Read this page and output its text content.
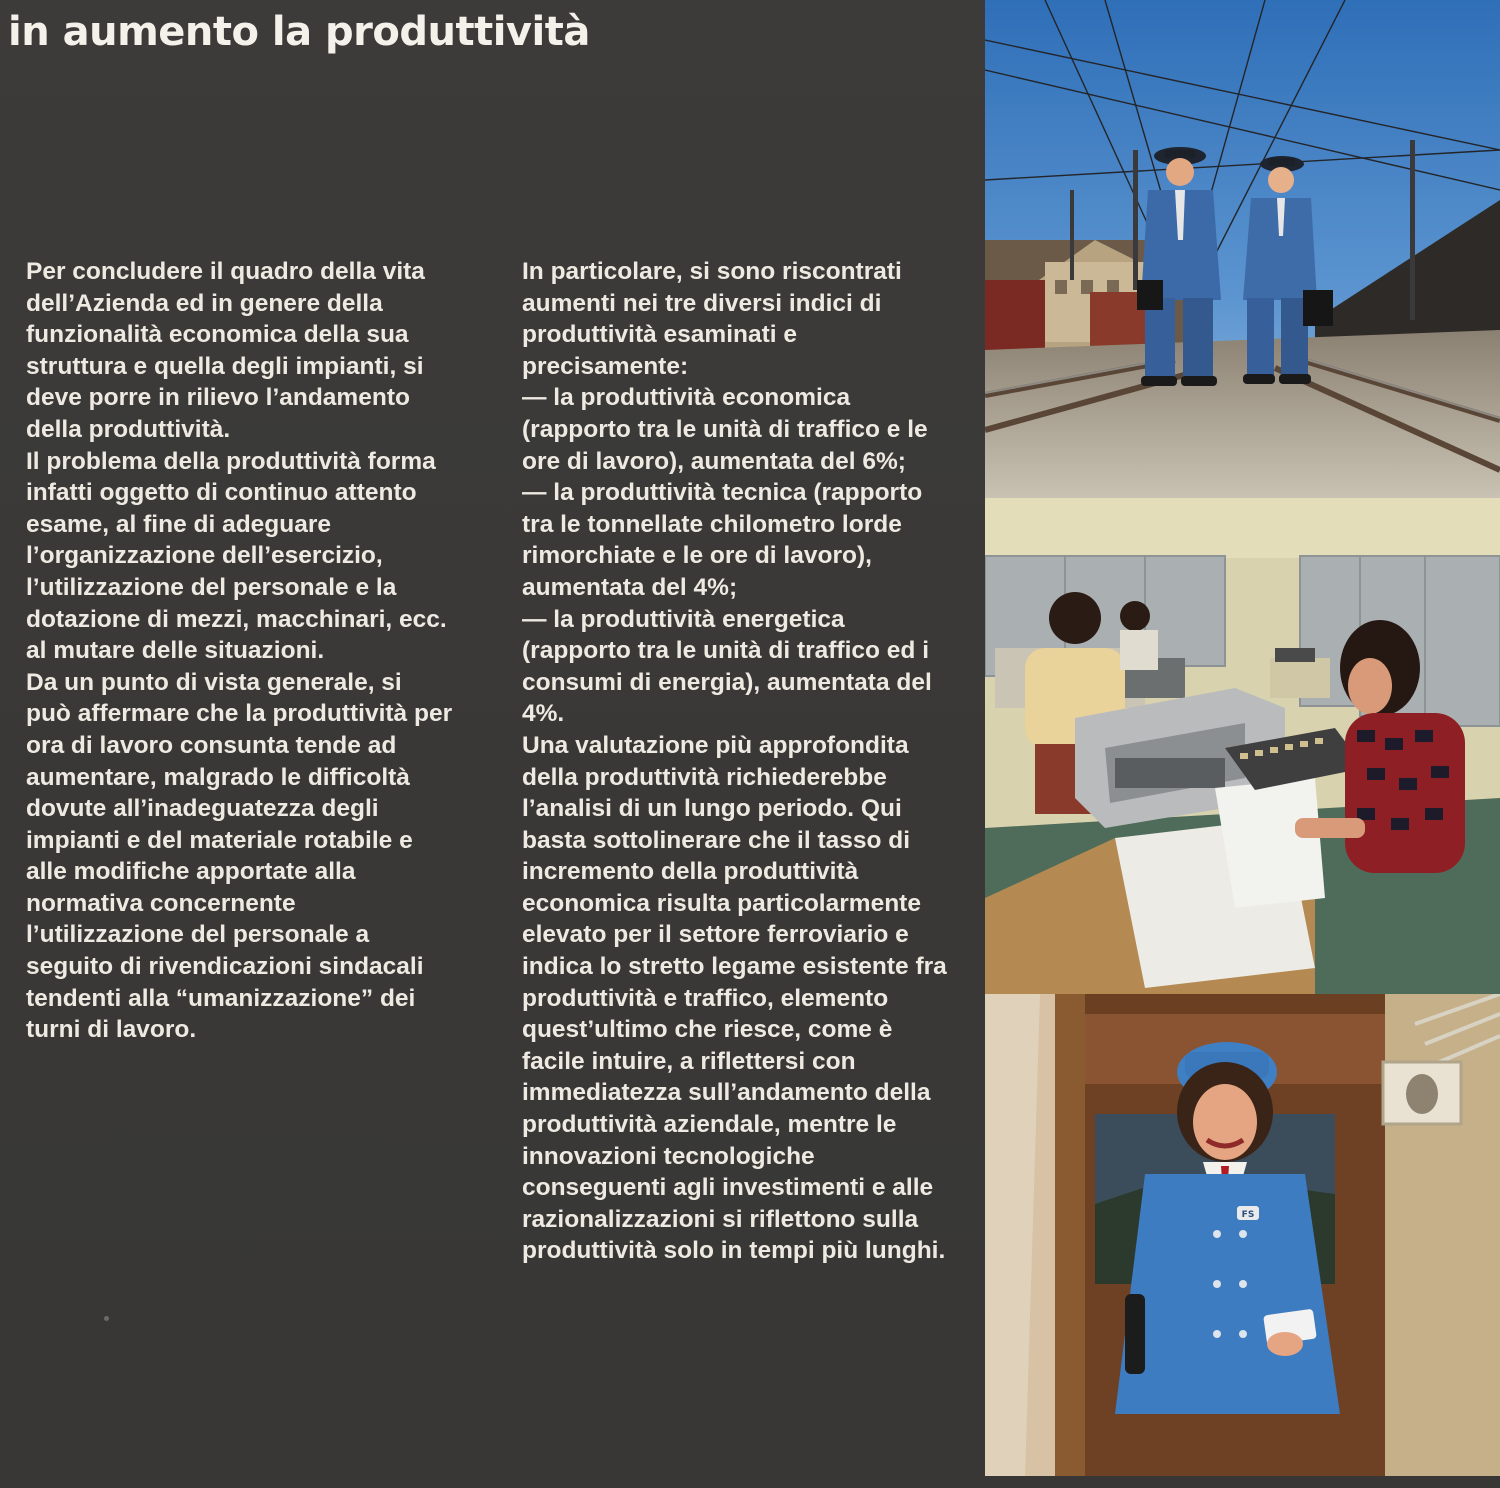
in aumento la produttività

Per concludere il quadro della vita
dell’Azienda ed in genere della
funzionalità economica della sua
struttura e quella degli impianti, si
deve porre in rilievo l’andamento
della produttività.

Il problema della produttività forma
infatti oggetto di continuo attento
esame, al fine di adeguare
l’organizzazione dell’esercizio,
l’utilizzazione del personale e la
dotazione di mezzi, macchinari, ecc.
al mutare delle situazioni.

Da un punto di vista generale, si
può affermare che la produttività per
ora di lavoro consunta tende ad
aumentare, malgrado le difficoltà
dovute all’inadeguatezza degli
impianti e del materiale rotabile e
alle modifiche apportate alla
normativa concernente
l’utilizzazione del personale a
seguito di rivendicazioni sindacali
tendenti alla “umanizzazione” dei
turni di lavoro.

In particolare, si sono riscontrati
aumenti nei tre diversi indici di
produttività esaminati e
precisamente:
— la produttività economica
(rapporto tra le unità di traffico e le
ore di lavoro), aumentata del 6%;
— la produttività tecnica (rapporto
tra le tonnellate chilometro lorde
rimorchiate e le ore di lavoro),
aumentata del 4%;
— la produttività energetica
(rapporto tra le unità di traffico ed i
consumi di energia), aumentata del
4%.

Una valutazione più approfondita
della produttività richiederebbe
l’analisi di un lungo periodo. Qui
basta sottolinerare che il tasso di
incremento della produttività
economica risulta particolarmente
elevato per il settore ferroviario e
indica lo stretto legame esistente fra
produttività e traffico, elemento
quest’ultimo che riesce, come è
facile intuire, a riflettersi con
immediatezza sull’andamento della
produttività aziendale, mentre le
innovazioni tecnologiche
conseguenti agli investimenti e alle
razionalizzazioni si riflettono sulla
produttività solo in tempi più lunghi.

FS
